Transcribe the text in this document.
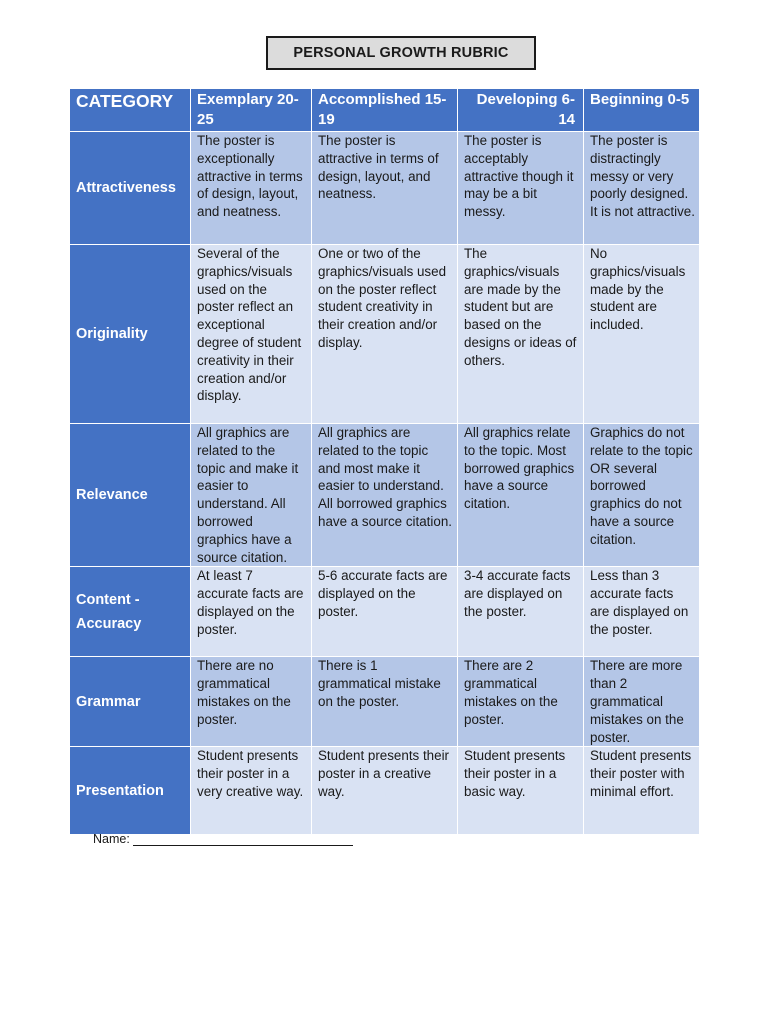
PERSONAL GROWTH RUBRIC
CATEGORY	Exemplary 20-25	Accomplished 15-19	Developing 6-14	Beginning 0-5
Attractiveness	The poster is exceptionally attractive in terms of design, layout, and neatness.	The poster is attractive in terms of design, layout, and neatness.	The poster is acceptably attractive though it may be a bit messy.	The poster is distractingly messy or very poorly designed. It is not attractive.
Originality	Several of the graphics/visuals used on the poster reflect an exceptional degree of student creativity in their creation and/or display.	One or two of the graphics/visuals used on the poster reflect student creativity in their creation and/or display.	The graphics/visuals are made by the student but are based on the designs or ideas of others.	No graphics/visuals made by the student are included.
Relevance	All graphics are related to the topic and make it easier to understand. All borrowed graphics have a source citation.	All graphics are related to the topic and most make it easier to understand. All borrowed graphics have a source citation.	All graphics relate to the topic. Most borrowed graphics have a source citation.	Graphics do not relate to the topic OR several borrowed graphics do not have a source citation.
Content - Accuracy	At least 7 accurate facts are displayed on the poster.	5-6 accurate facts are displayed on the poster.	3-4 accurate facts are displayed on the poster.	Less than 3 accurate facts are displayed on the poster.
Grammar	There are no grammatical mistakes on the poster.	There is 1 grammatical mistake on the poster.	There are 2 grammatical mistakes on the poster.	There are more than 2 grammatical mistakes on the poster.
Presentation	Student presents their poster in a very creative way.	Student presents their poster in a creative way.	Student presents their poster in a basic way.	Student presents their poster with minimal effort.
Name:
